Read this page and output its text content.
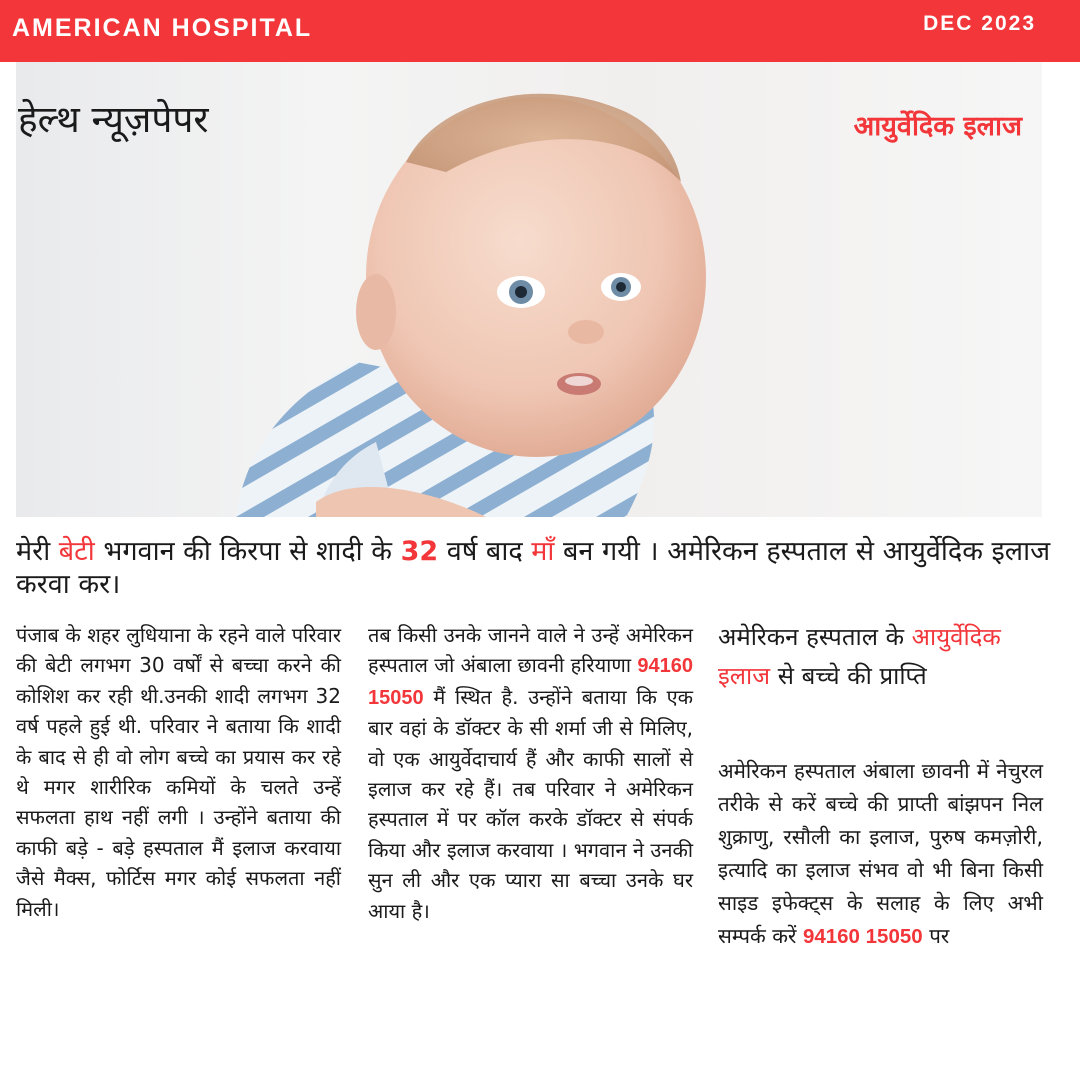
AMERICAN HOSPITAL	DEC 2023
हेल्थ न्यूज़पेपर	आयुर्वेदिक इलाज
मेरी बेटी भगवान की किरपा से शादी के 32 वर्ष बाद माँ बन गयी । अमेरिकन हस्पताल से आयुर्वेदिक इलाज करवा कर।
पंजाब के शहर लुधियाना के रहने वाले परिवार की बेटी लगभग 30 वर्षों से बच्चा करने की कोशिश कर रही थी.उनकी शादी लगभग 32 वर्ष पहले हुई थी. परिवार ने बताया कि शादी के बाद से ही वो लोग बच्चे का प्रयास कर रहे थे मगर शारीरिक कमियों के चलते उन्हें सफलता हाथ नहीं लगी । उन्होंने बताया की काफी बड़े - बड़े हस्पताल मैं इलाज करवाया जैसे मैक्स, फोर्टिस मगर कोई सफलता नहीं मिली।
तब किसी उनके जानने वाले ने उन्हें अमेरिकन हस्पताल जो अंबाला छावनी हरियाणा 94160 15050 मैं स्थित है. उन्होंने बताया कि एक बार वहां के डॉक्टर के सी शर्मा जी से मिलिए, वो एक आयुर्वेदाचार्य हैं और काफी सालों से इलाज कर रहे हैं। तब परिवार ने अमेरिकन हस्पताल में पर कॉल करके डॉक्टर से संपर्क किया और इलाज करवाया । भगवान ने उनकी सुन ली और एक प्यारा सा बच्चा उनके घर आया है।
अमेरिकन हस्पताल के आयुर्वेदिक इलाज से बच्चे की प्राप्ति
अमेरिकन हस्पताल अंबाला छावनी में नेचुरल तरीके से करें बच्चे की प्राप्ती बांझपन निल शुक्राणु, रसौली का इलाज, पुरुष कमज़ोरी, इत्यादि का इलाज संभव वो भी बिना किसी साइड इफेक्ट्स के सलाह के लिए अभी सम्पर्क करें 94160 15050 पर
